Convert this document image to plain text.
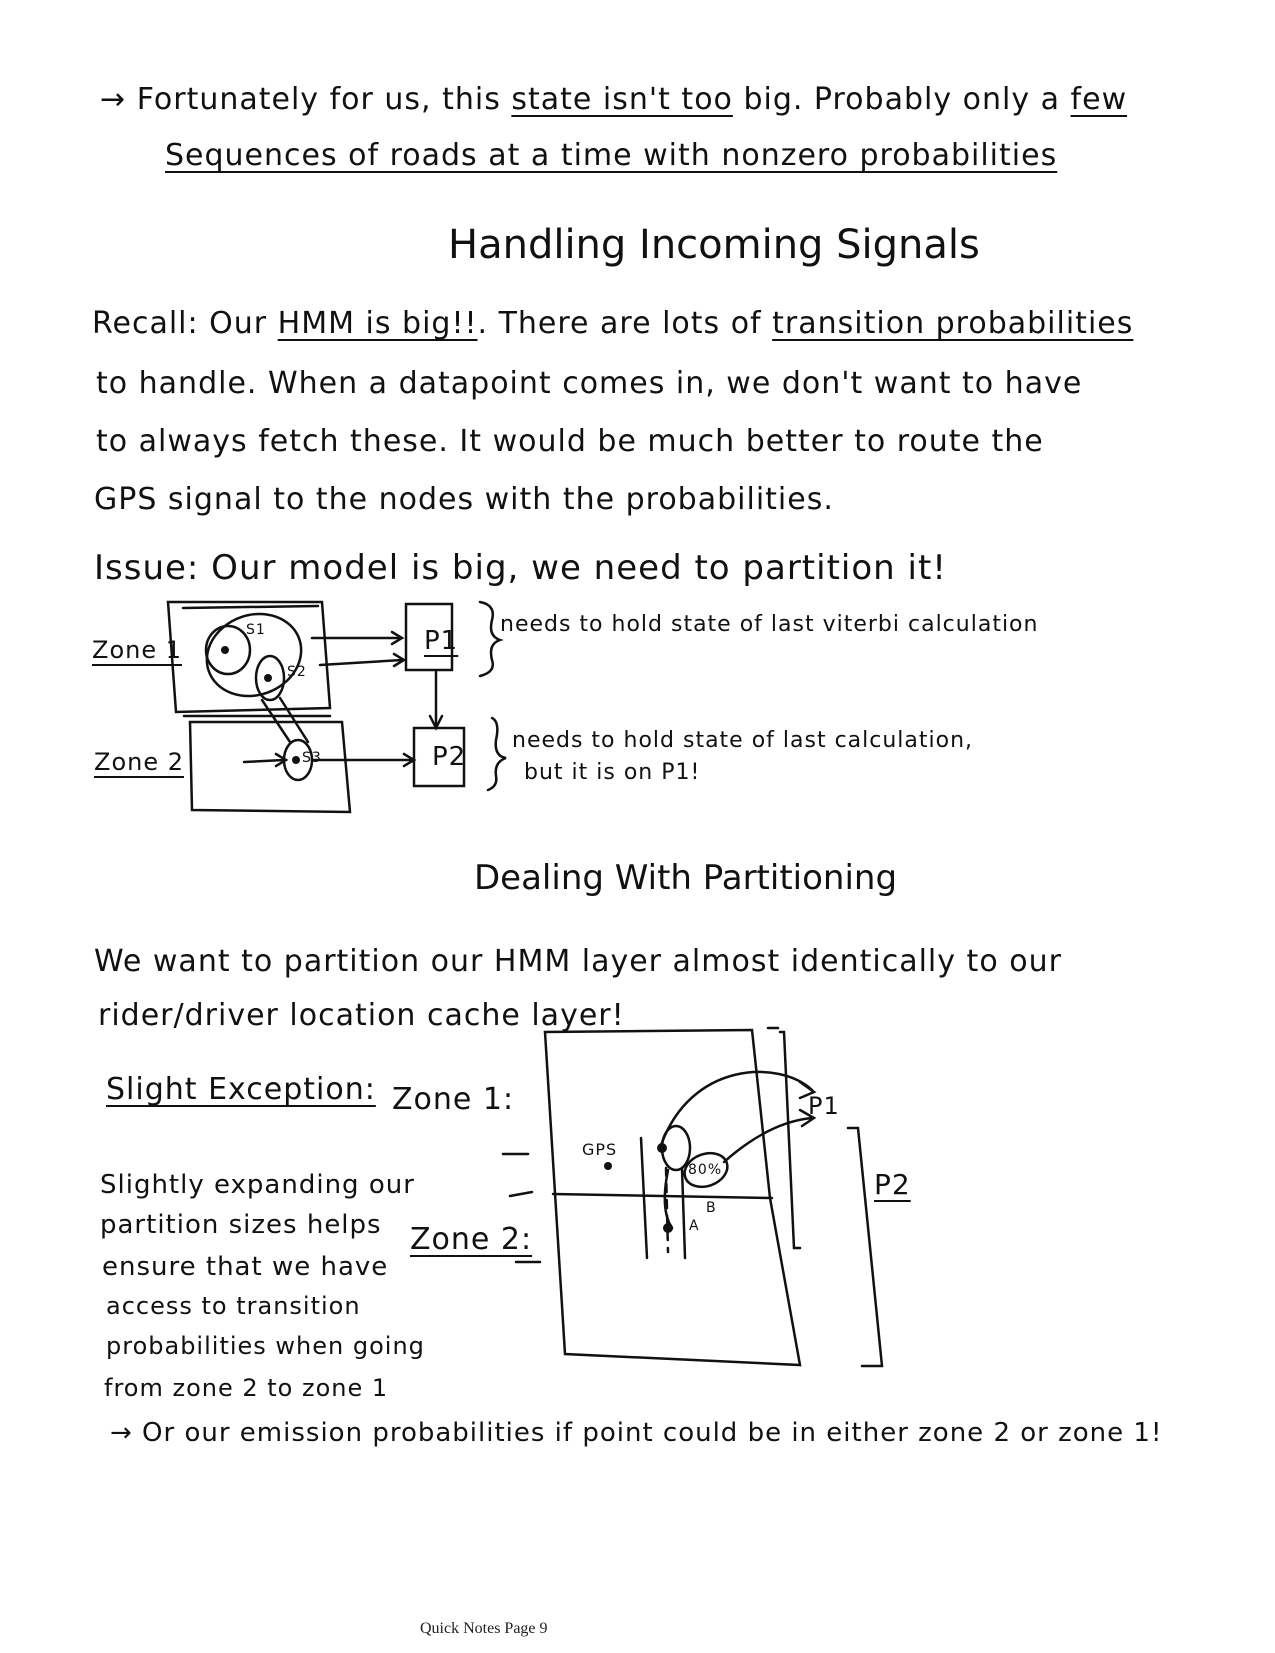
→ Fortunately for us, this state isn't too big. Probably only a few
Sequences of roads at a time with nonzero probabilities
Handling Incoming Signals
Recall: Our HMM is big!!. There are lots of transition probabilities
to handle. When a datapoint comes in, we don't want to have
to always fetch these. It would be much better to route the
GPS signal to the nodes with the probabilities.
Issue: Our model is big, we need to partition it!
Zone 1
Zone 2
S1
S2
S3
P1
P2
needs to hold state of last viterbi calculation
needs to hold state of last calculation,
but it is on P1!
Dealing With Partitioning
We want to partition our HMM layer almost identically to our
rider/driver location cache layer!
Slight Exception:
Slightly expanding our
partition sizes helps
ensure that we have
access to transition
probabilities when going
from zone 2 to zone 1
→ Or our emission probabilities if point could be in either zone 2 or zone 1!
Zone 1:
Zone 2:
GPS
B
A
80%
P1
P2
Quick Notes Page 9
